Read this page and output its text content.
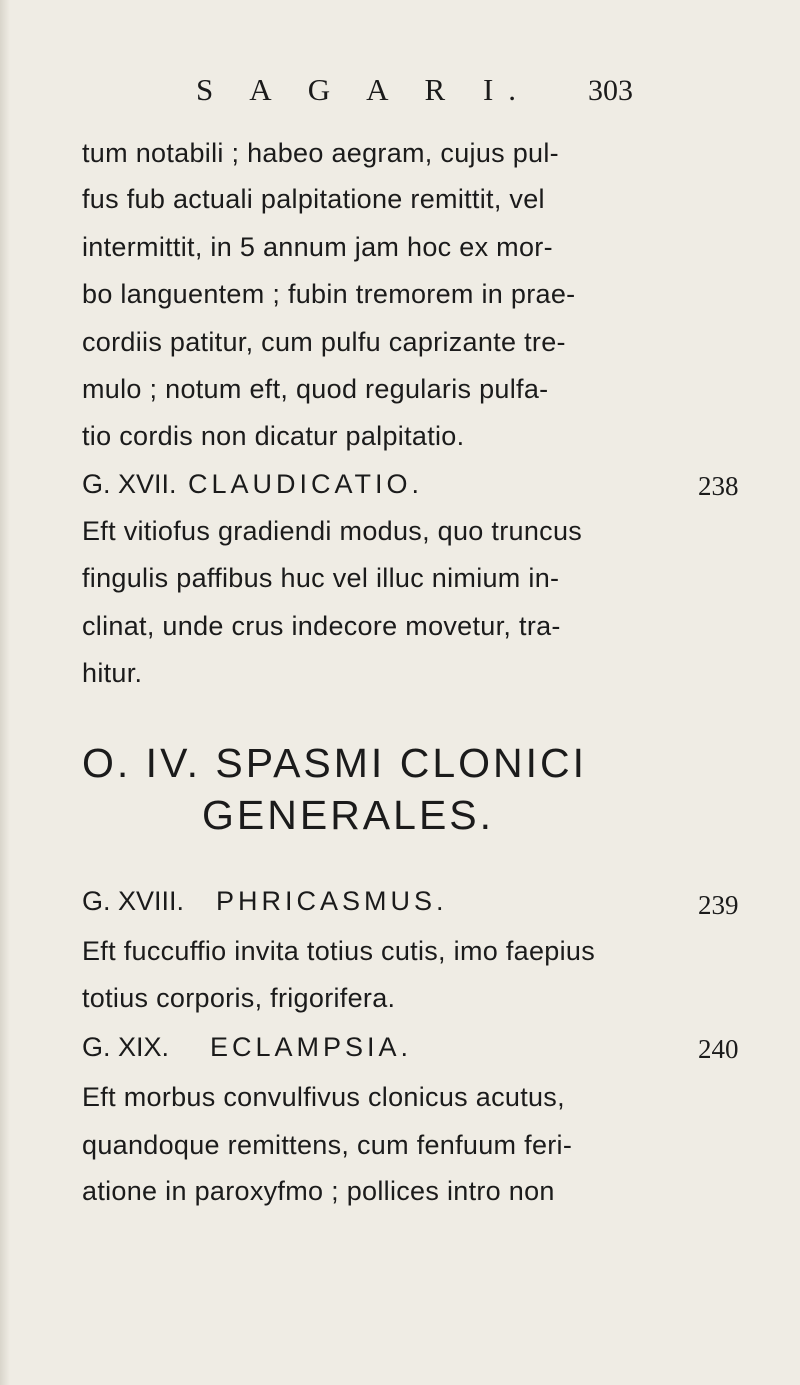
S A G A R I. 303
tum notabili ; habeo aegram, cujus pul-
fus fub actuali palpitatione remittit, vel
intermittit, in 5 annum jam hoc ex mor-
bo languentem ; fubin tremorem in prae-
cordiis patitur, cum pulfu caprizante tre-
mulo ; notum eft, quod regularis pulfa-
tio cordis non dicatur palpitatio.
G. XVII. CLAUDICATIO.	238
Eft vitiofus gradiendi modus, quo truncus
fingulis paffibus huc vel illuc nimium in-
clinat, unde crus indecore movetur, tra-
hitur.
O. IV. SPASMI CLONICI
GENERALES.
G. XVIII. PHRICASMUS.	239
Eft fuccuffio invita totius cutis, imo faepius
totius corporis, frigorifera.
G. XIX. ECLAMPSIA.	240
Eft morbus convulfivus clonicus acutus,
quandoque remittens, cum fenfuum feri-
atione in paroxyfmo ; pollices intro non
